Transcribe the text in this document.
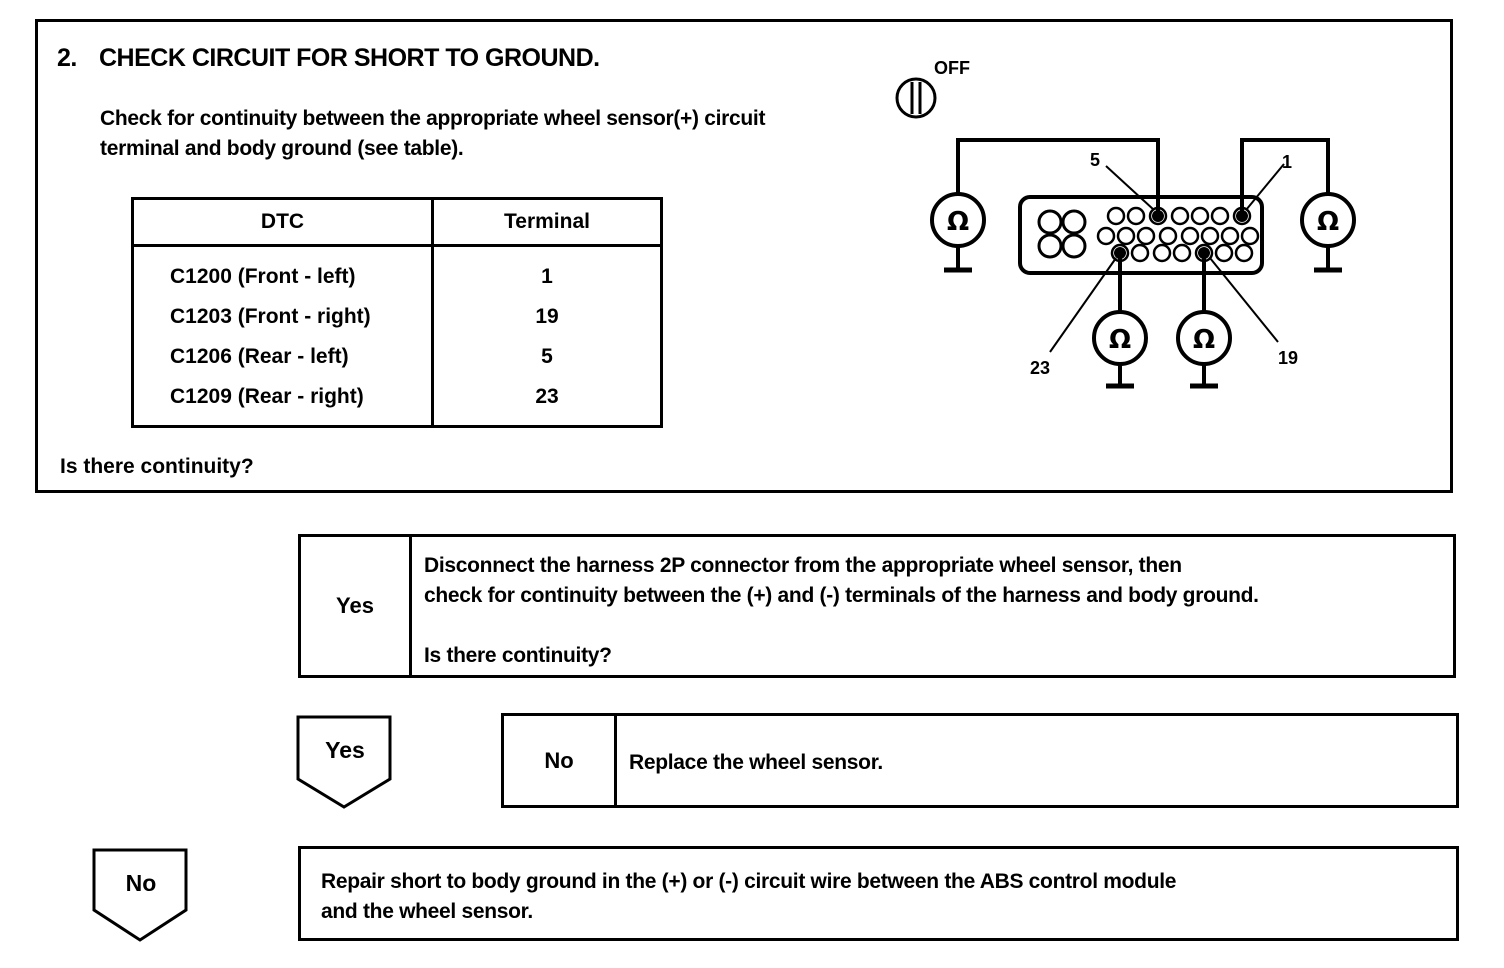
2. CHECK CIRCUIT FOR SHORT TO GROUND.
Check for continuity between the appropriate wheel sensor(+) circuit
terminal and body ground (see table).
DTC	Terminal
C1200 (Front - left)	1
C1203 (Front - right)	19
C1206 (Rear - left)	5
C1209 (Rear - right)	23
Is there continuity?
OFF
Ω	Ω
Ω Ω
5	1
23	19
Yes
Disconnect the harness 2P connector from the appropriate wheel sensor, then
check for continuity between the (+) and (-) terminals of the harness and body ground.
Is there continuity?
Yes	No	Replace the wheel sensor.
No	Repair short to body ground in the (+) or (-) circuit wire between the ABS control module
and the wheel sensor.
